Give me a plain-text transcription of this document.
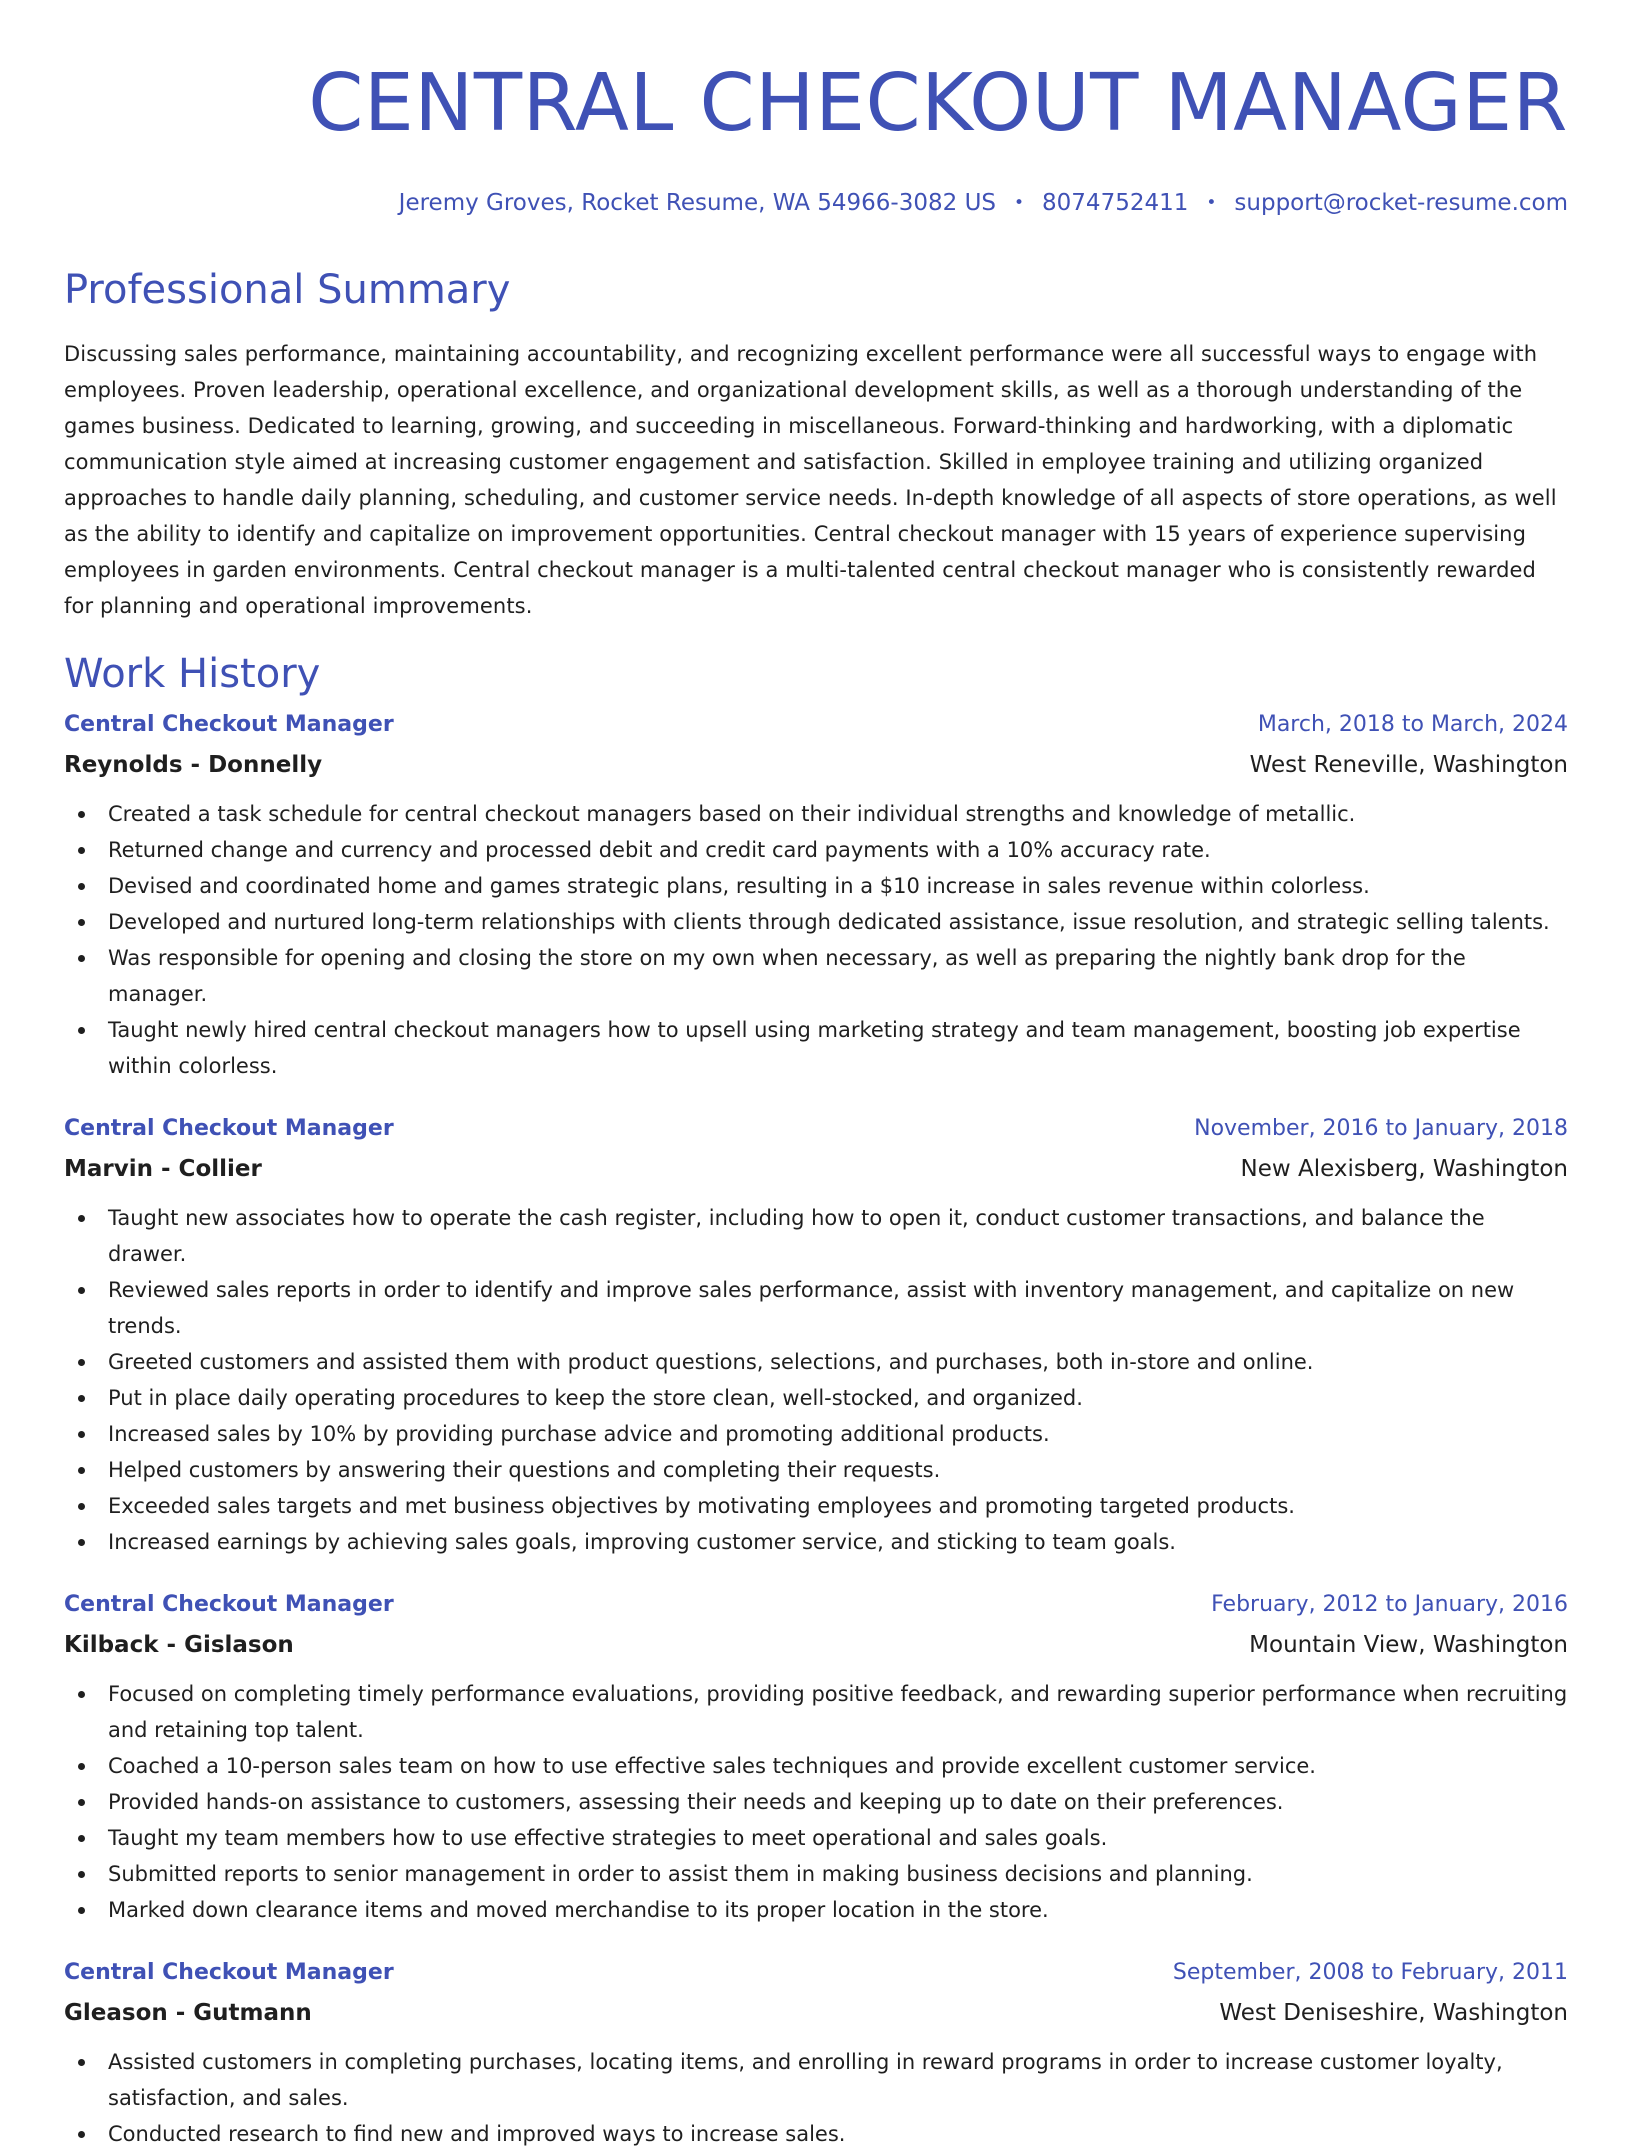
CENTRAL CHECKOUT MANAGER
Jeremy Groves, Rocket Resume, WA 54966-3082 US • 8074752411 • support@rocket-resume.com
Professional Summary

Discussing sales performance, maintaining accountability, and recognizing excellent performance were all successful ways to engage with employees. Proven leadership, operational excellence, and organizational development skills, as well as a thorough understanding of the games business. Dedicated to learning, growing, and succeeding in miscellaneous. Forward-thinking and hardworking, with a diplomatic communication style aimed at increasing customer engagement and satisfaction. Skilled in employee training and utilizing organized approaches to handle daily planning, scheduling, and customer service needs. In-depth knowledge of all aspects of store operations, as well as the ability to identify and capitalize on improvement opportunities. Central checkout manager with 15 years of experience supervising employees in garden environments. Central checkout manager is a multi-talented central checkout manager who is consistently rewarded for planning and operational improvements.

Work History
Central Checkout Manager	March, 2018 to March, 2024
Reynolds - Donnelly	West Reneville, Washington
Created a task schedule for central checkout managers based on their individual strengths and knowledge of metallic.
Returned change and currency and processed debit and credit card payments with a 10% accuracy rate.
Devised and coordinated home and games strategic plans, resulting in a $10 increase in sales revenue within colorless.
Developed and nurtured long-term relationships with clients through dedicated assistance, issue resolution, and strategic selling talents.
Was responsible for opening and closing the store on my own when necessary, as well as preparing the nightly bank drop for the manager.
Taught newly hired central checkout managers how to upsell using marketing strategy and team management, boosting job expertise within colorless.
Central Checkout Manager	November, 2016 to January, 2018
Marvin - Collier	New Alexisberg, Washington
Taught new associates how to operate the cash register, including how to open it, conduct customer transactions, and balance the drawer.
Reviewed sales reports in order to identify and improve sales performance, assist with inventory management, and capitalize on new trends.
Greeted customers and assisted them with product questions, selections, and purchases, both in-store and online.
Put in place daily operating procedures to keep the store clean, well-stocked, and organized.
Increased sales by 10% by providing purchase advice and promoting additional products.
Helped customers by answering their questions and completing their requests.
Exceeded sales targets and met business objectives by motivating employees and promoting targeted products.
Increased earnings by achieving sales goals, improving customer service, and sticking to team goals.
Central Checkout Manager	February, 2012 to January, 2016
Kilback - Gislason	Mountain View, Washington
Focused on completing timely performance evaluations, providing positive feedback, and rewarding superior performance when recruiting and retaining top talent.
Coached a 10-person sales team on how to use effective sales techniques and provide excellent customer service.
Provided hands-on assistance to customers, assessing their needs and keeping up to date on their preferences.
Taught my team members how to use effective strategies to meet operational and sales goals.
Submitted reports to senior management in order to assist them in making business decisions and planning.
Marked down clearance items and moved merchandise to its proper location in the store.
Central Checkout Manager	September, 2008 to February, 2011
Gleason - Gutmann	West Deniseshire, Washington
Assisted customers in completing purchases, locating items, and enrolling in reward programs in order to increase customer loyalty, satisfaction, and sales.
Conducted research to find new and improved ways to increase sales.
